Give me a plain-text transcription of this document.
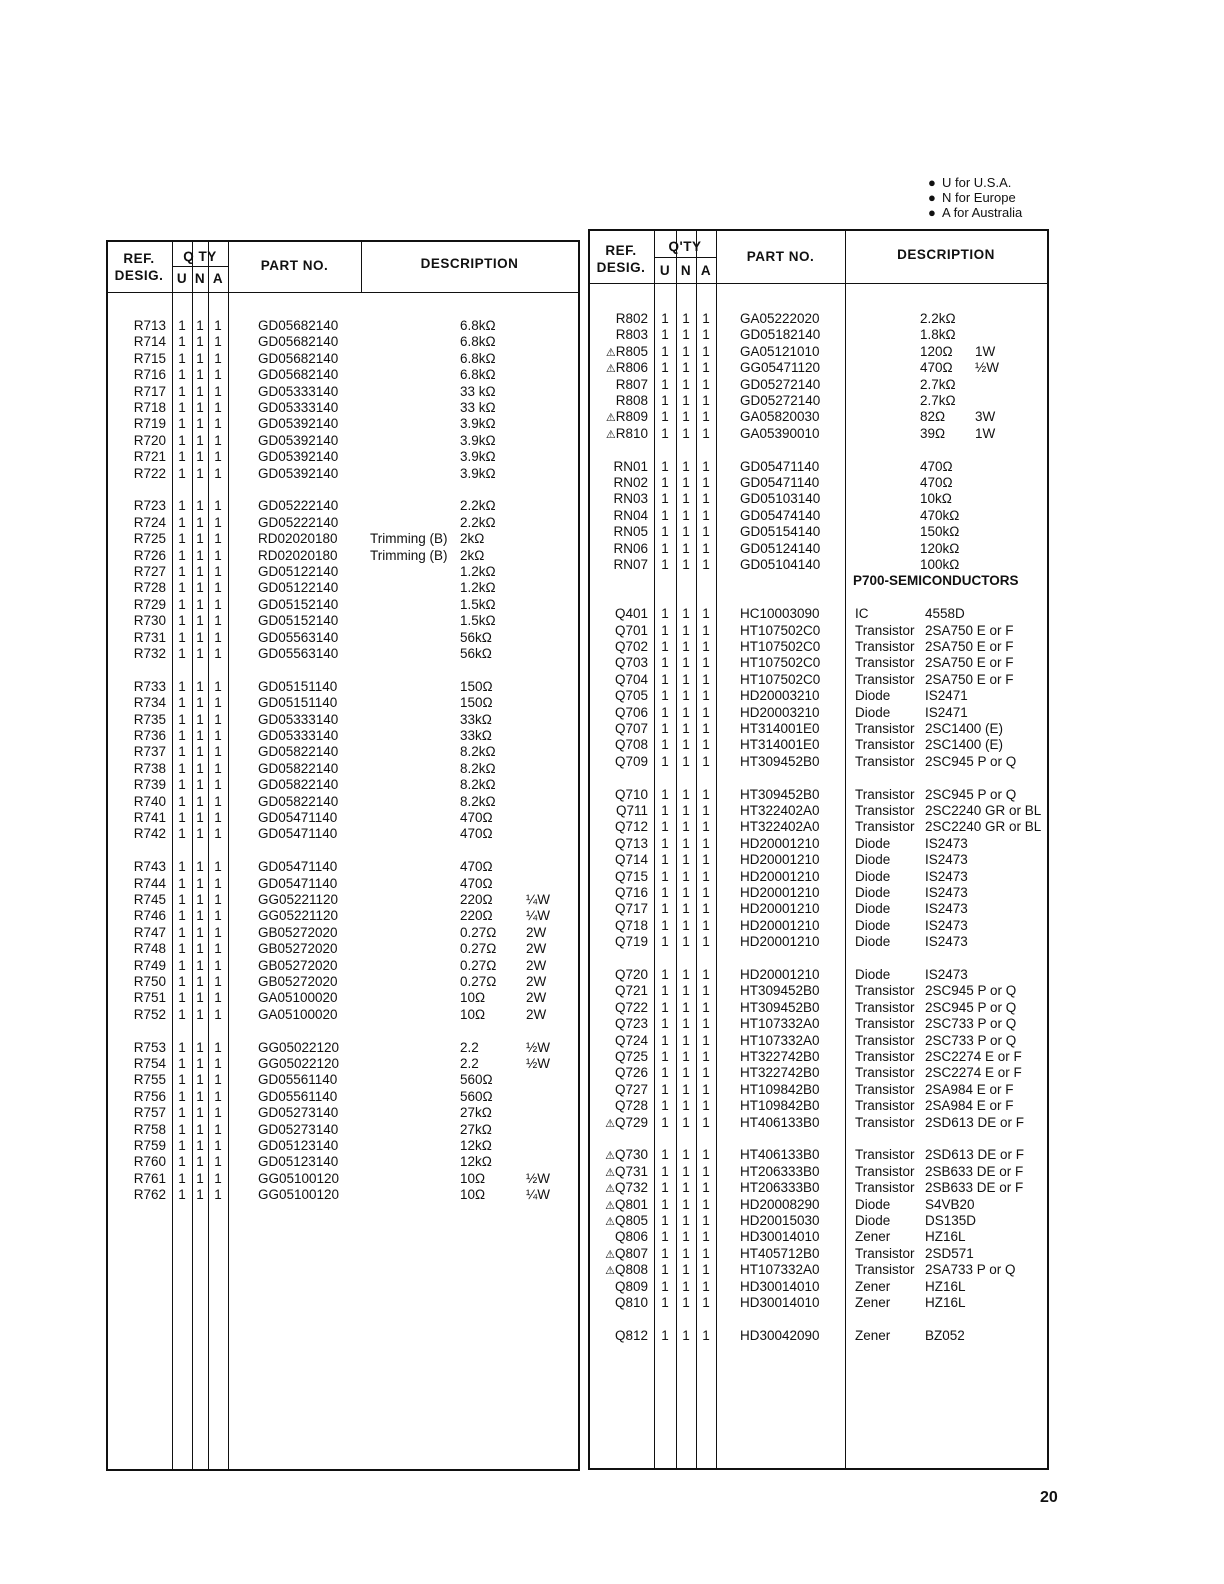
● U for U.S.A.
● N for Europe
● A for Australia
REF.
DESIG.
Q TY
U N A
PART NO.	DESCRIPTION
R713 1 1 1	GD05682140	6.8kΩ
R714 1 1 1	GD05682140	6.8kΩ
R715 1 1 1	GD05682140	6.8kΩ
R716 1 1 1	GD05682140	6.8kΩ
R717 1 1 1	GD05333140	33 kΩ
R718 1 1 1	GD05333140	33 kΩ
R719 1 1 1	GD05392140	3.9kΩ
R720 1 1 1	GD05392140	3.9kΩ
R721 1 1 1	GD05392140	3.9kΩ
R722 1 1 1	GD05392140	3.9kΩ
R723 1 1 1	GD05222140	2.2kΩ
R724 1 1 1	GD05222140	2.2kΩ
R725 1 1 1	RD02020180 Trimming (B) 2kΩ
R726 1 1 1	RD02020180 Trimming (B) 2kΩ
R727 1 1 1	GD05122140	1.2kΩ
R728 1 1 1	GD05122140	1.2kΩ
R729 1 1 1	GD05152140	1.5kΩ
R730 1 1 1	GD05152140	1.5kΩ
R731 1 1 1	GD05563140	56kΩ
R732 1 1 1	GD05563140	56kΩ
R733 1 1 1	GD05151140	150Ω
R734 1 1 1	GD05151140	150Ω
R735 1 1 1	GD05333140	33kΩ
R736 1 1 1	GD05333140	33kΩ
R737 1 1 1	GD05822140	8.2kΩ
R738 1 1 1	GD05822140	8.2kΩ
R739 1 1 1	GD05822140	8.2kΩ
R740 1 1 1	GD05822140	8.2kΩ
R741 1 1 1	GD05471140	470Ω
R742 1 1 1	GD05471140	470Ω
R743 1 1 1	GD05471140	470Ω
R744 1 1 1	GD05471140	470Ω
R745 1 1 1	GG05221120	220Ω ¼W
R746 1 1 1	GG05221120	220Ω ¼W
R747 1 1 1	GB05272020	0.27Ω 2W
R748 1 1 1	GB05272020	0.27Ω 2W
R749 1 1 1	GB05272020	0.27Ω 2W
R750 1 1 1	GB05272020	0.27Ω 2W
R751 1 1 1	GA05100020	10Ω	2W
R752 1 1 1	GA05100020	10Ω	2W
R753 1 1 1	GG05022120	2.2	½W
R754 1 1 1	GG05022120	2.2	½W
R755 1 1 1	GD05561140	560Ω
R756 1 1 1	GD05561140	560Ω
R757 1 1 1	GD05273140	27kΩ
R758 1 1 1	GD05273140	27kΩ
R759 1 1 1	GD05123140	12kΩ
R760 1 1 1	GD05123140	12kΩ
R761 1 1 1	GG05100120	10Ω	½W
R762 1 1 1	GG05100120	10Ω	¼W
REF.
DESIG.
Q'TY
U N A
PART NO.	DESCRIPTION
R802 1 1 1	GA05222020	2.2kΩ
R803 1 1 1	GD05182140	1.8kΩ
⚠R805 1 1 1	GA05121010	120Ω 1W
⚠R806 1 1 1	GG05471120	470Ω ½W
R807 1 1 1	GD05272140	2.7kΩ
R808 1 1 1	GD05272140	2.7kΩ
⚠R809 1 1 1	GA05820030	82Ω 3W
⚠R810 1 1 1	GA05390010	39Ω 1W
RN01 1 1 1	GD05471140	470Ω
RN02 1 1 1	GD05471140	470Ω
RN03 1 1 1	GD05103140	10kΩ
RN04 1 1 1	GD05474140	470kΩ
RN05 1 1 1	GD05154140	150kΩ
RN06 1 1 1	GD05124140	120kΩ
RN07 1 1 1	GD05104140	100kΩ
P700-SEMICONDUCTORS
Q401 1 1 1	HC10003090	IC	4558D
Q701 1 1 1	HT107502C0	Transistor 2SA750 E or F
Q702 1 1 1	HT107502C0	Transistor 2SA750 E or F
Q703 1 1 1	HT107502C0	Transistor 2SA750 E or F
Q704 1 1 1	HT107502C0	Transistor 2SA750 E or F
Q705 1 1 1	HD20003210	Diode	IS2471
Q706 1 1 1	HD20003210	Diode	IS2471
Q707 1 1 1	HT314001E0	Transistor 2SC1400 (E)
Q708 1 1 1	HT314001E0	Transistor 2SC1400 (E)
Q709 1 1 1	HT309452B0	Transistor 2SC945 P or Q
Q710 1 1 1	HT309452B0	Transistor 2SC945 P or Q
Q711 1 1 1	HT322402A0	Transistor 2SC2240 GR or BL
Q712 1 1 1	HT322402A0	Transistor 2SC2240 GR or BL
Q713 1 1 1	HD20001210	Diode	IS2473
Q714 1 1 1	HD20001210	Diode	IS2473
Q715 1 1 1	HD20001210	Diode	IS2473
Q716 1 1 1	HD20001210	Diode	IS2473
Q717 1 1 1	HD20001210	Diode	IS2473
Q718 1 1 1	HD20001210	Diode	IS2473
Q719 1 1 1	HD20001210	Diode	IS2473
Q720 1 1 1	HD20001210	Diode	IS2473
Q721 1 1 1	HT309452B0	Transistor 2SC945 P or Q
Q722 1 1 1	HT309452B0	Transistor 2SC945 P or Q
Q723 1 1 1	HT107332A0	Transistor 2SC733 P or Q
Q724 1 1 1	HT107332A0	Transistor 2SC733 P or Q
Q725 1 1 1	HT322742B0	Transistor 2SC2274 E or F
Q726 1 1 1	HT322742B0	Transistor 2SC2274 E or F
Q727 1 1 1	HT109842B0	Transistor 2SA984 E or F
Q728 1 1 1	HT109842B0	Transistor 2SA984 E or F
⚠Q729 1 1 1	HT406133B0	Transistor 2SD613 DE or F
⚠Q730 1 1 1	HT406133B0	Transistor 2SD613 DE or F
⚠Q731 1 1 1	HT206333B0	Transistor 2SB633 DE or F
⚠Q732 1 1 1	HT206333B0	Transistor 2SB633 DE or F
⚠Q801 1 1 1	HD20008290	Diode	S4VB20
⚠Q805 1 1 1	HD20015030	Diode	DS135D
Q806 1 1 1	HD30014010	Zener	HZ16L
⚠Q807 1 1 1	HT405712B0	Transistor 2SD571
⚠Q808 1 1 1	HT107332A0	Transistor 2SA733 P or Q
Q809 1 1 1	HD30014010	Zener	HZ16L
Q810 1 1 1	HD30014010	Zener	HZ16L
Q812 1 1 1	HD30042090	Zener	BZ052
20
